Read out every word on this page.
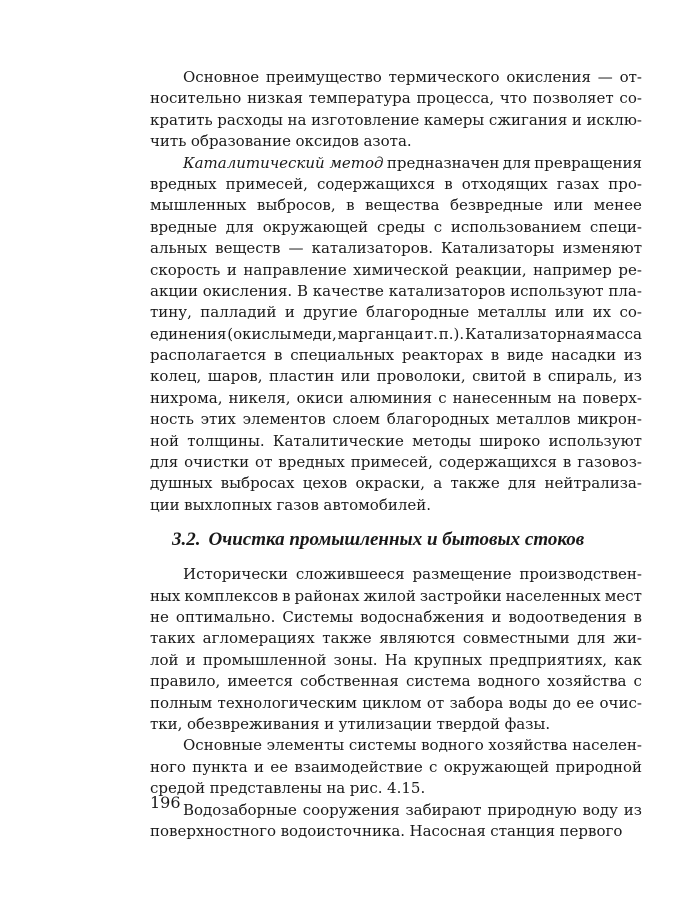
Основное преимущество термического окисления — от-
носительно низкая температура процесса, что позволяет со-
кратить расходы на изготовление камеры сжигания и исклю-
чить образование оксидов азота.
Каталитический метод предназначен для превращения
вредных примесей, содержащихся в отходящих газах про-
мышленных выбросов, в вещества безвредные или менее
вредные для окружающей среды с использованием специ-
альных веществ — катализаторов. Катализаторы изменяют
скорость и направление химической реакции, например ре-
акции окисления. В качестве катализаторов используют пла-
тину, палладий и другие благородные металлы или их со-
единения (окислы меди, марганца и т. п.). Катализаторная масса
располагается в специальных реакторах в виде насадки из
колец, шаров, пластин или проволоки, свитой в спираль, из
нихрома, никеля, окиси алюминия с нанесенным на поверх-
ность этих элементов слоем благородных металлов микрон-
ной толщины. Каталитические методы широко используют
для очистки от вредных примесей, содержащихся в газовоз-
душных выбросах цехов окраски, а также для нейтрализа-
ции выхлопных газов автомобилей.
3.2. Очистка промышленных и бытовых стоков
Исторически сложившееся размещение производствен-
ных комплексов в районах жилой застройки населенных мест
не оптимально. Системы водоснабжения и водоотведения в
таких агломерациях также являются совместными для жи-
лой и промышленной зоны. На крупных предприятиях, как
правило, имеется собственная система водного хозяйства с
полным технологическим циклом от забора воды до ее очис-
тки, обезвреживания и утилизации твердой фазы.
Основные элементы системы водного хозяйства населен-
ного пункта и ее взаимодействие с окружающей природной
средой представлены на рис. 4.15.
Водозаборные сооружения забирают природную воду из
поверхностного водоисточника. Насосная станция первого
196
